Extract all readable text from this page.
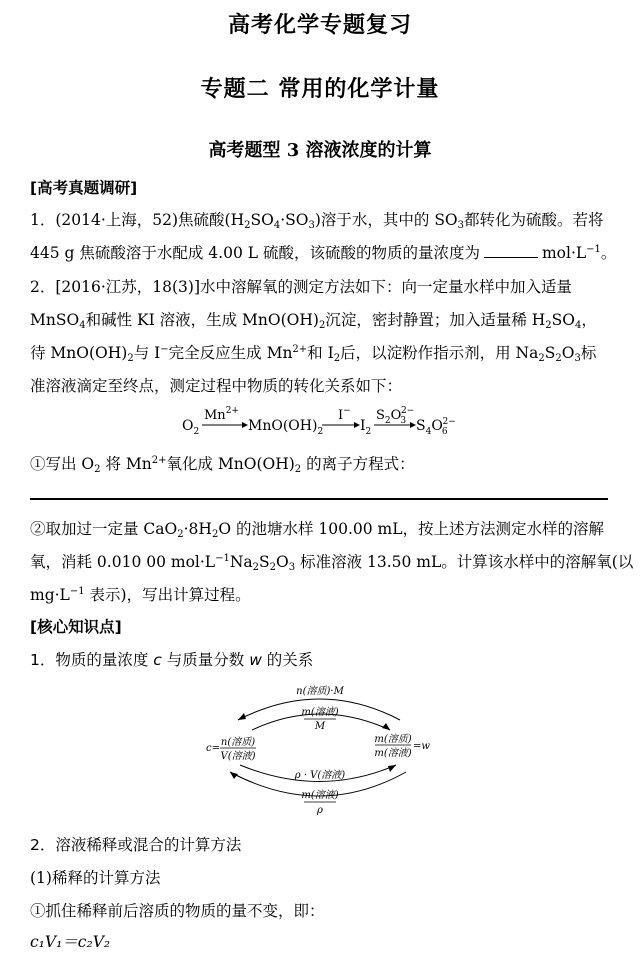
高考化学专题复习
专题二 常用的化学计量
高考题型 3 溶液浓度的计算
[高考真题调研]
1．(2014·上海，52)焦硫酸$(H_2SO_4\cdot SO_3)$溶于水，其中的 $SO_3$都转化为硫酸。若将
445 g 焦硫酸溶于水配成 4.00 L 硫酸，该硫酸的物质的量浓度为	$mol\cdot L^{-1}$。
2．[2016·江苏，18(3)]水中溶解氧的测定方法如下：向一定量水样中加入适量
MnSO$_4$和碱性 KI 溶液，生成 $MnO(OH)_2$沉淀，密封静置；加入适量稀 $H_2SO_4$，
待 $MnO(OH)_2$与 I−完全反应生成 $Mn^{2+}$和 $I_2$后，以淀粉作指示剂，用 $Na_2S_2O_3$标
准溶液滴定至终点，测定过程中物质的转化关系如下：
$O_2$
$Mn^{2+}$
$MnO(OH)_2$
I−
$I_2$
$S_2O32-$
$S_4O62-$
①写出 $O_2$ 将 $Mn^{2+}$氧化成 $MnO(OH)_2$ 的离子方程式：
②取加过一定量 $CaO_2\cdot 8H_2O$ 的池塘水样 100.00 mL，按上述方法测定水样的溶解
氧，消耗 0.010 00 $mol\cdot L^{-1}Na_2S_2O_3$ 标准溶液 13.50 mL。计算该水样中的溶解氧(以
$mg\cdot L^{-1}$ 表示)，写出计算过程。
[核心知识点]
1．物质的量浓度 c 与质量分数 w 的关系
n(溶质)·M
m(溶液)
M
c=
n(溶质)
V(溶液)
m(溶质)
m(溶液)
=w
ρ · V(溶液)
m(溶液)
ρ
2．溶液稀释或混合的计算方法
(1)稀释的计算方法
①抓住稀释前后溶质的物质的量不变，即：
c₁V₁＝c₂V₂
